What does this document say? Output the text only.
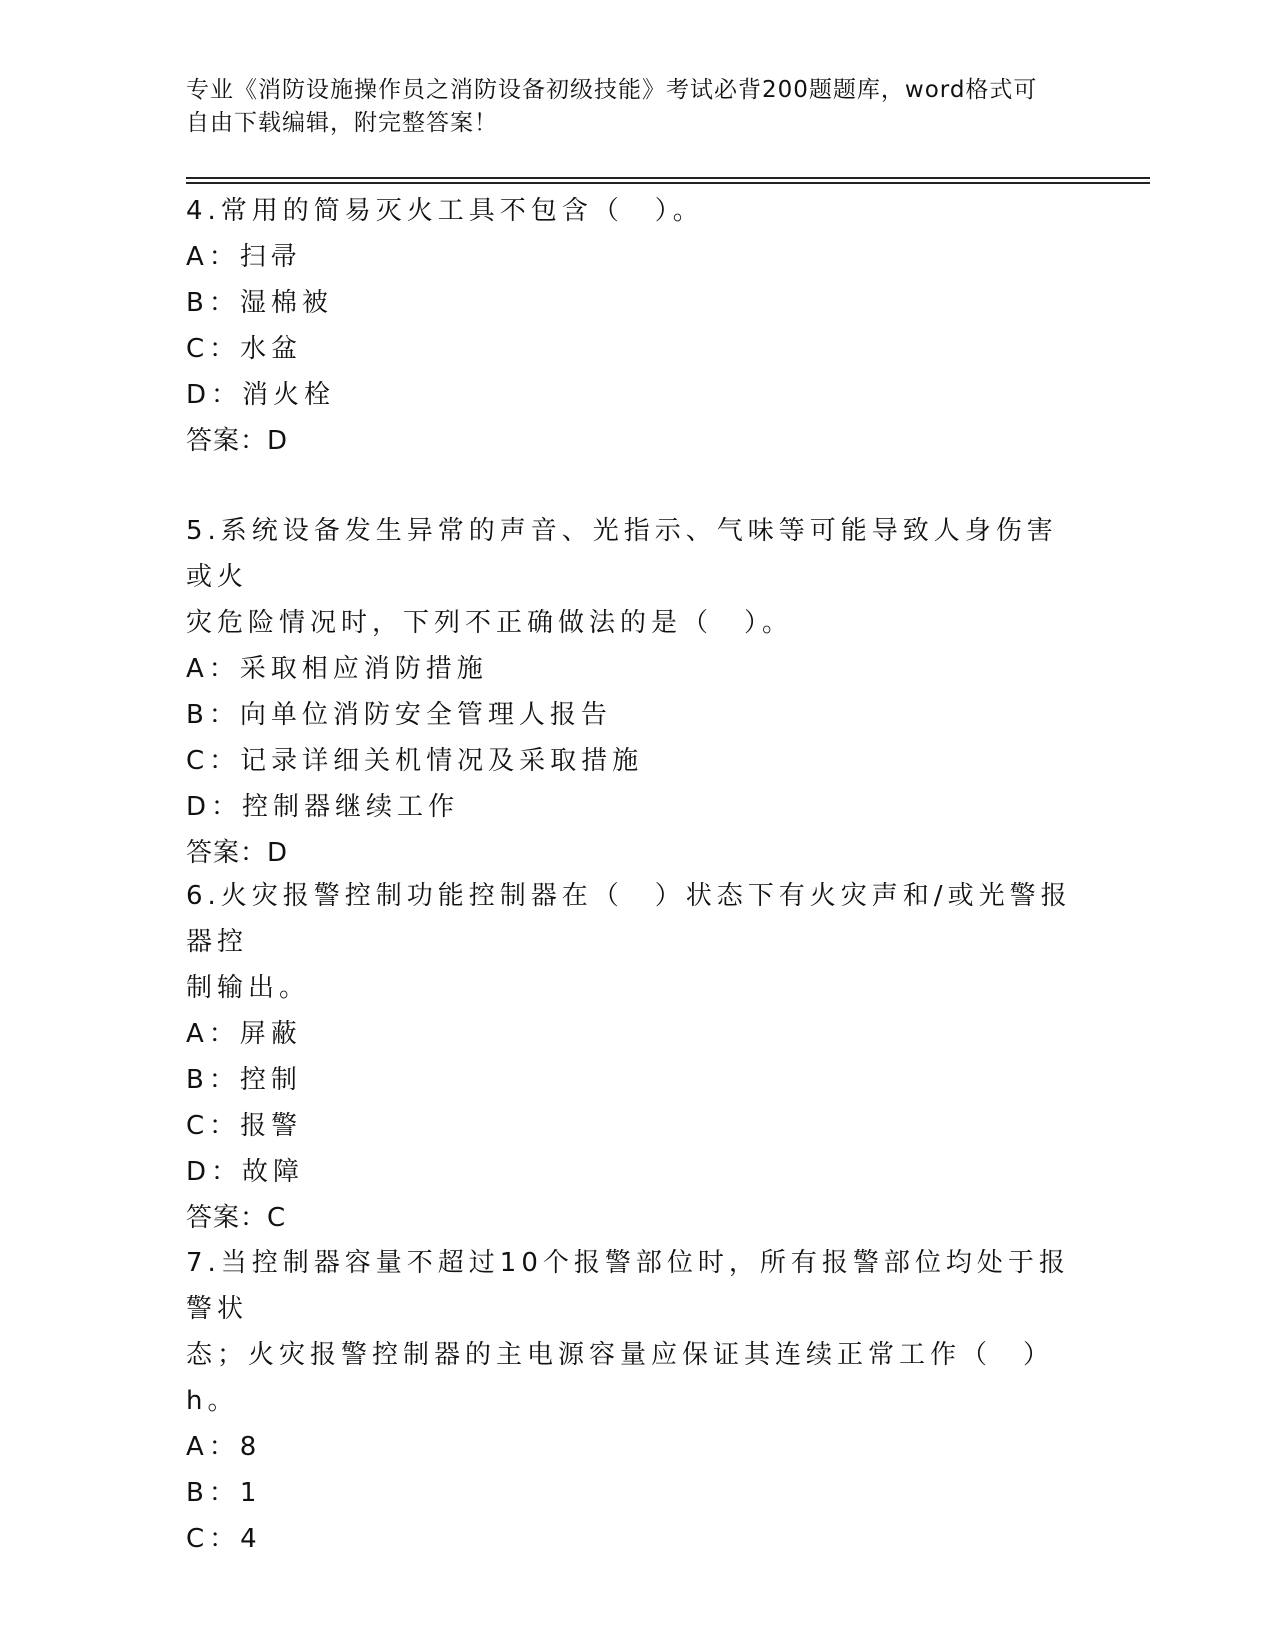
专业《消防设施操作员之消防设备初级技能》考试必背200题题库，word格式可
自由下载编辑，附完整答案！

4.常用的简易灭火工具不包含（　）。

A：扫帚

B：湿棉被

C：水盆

D：消火栓

答案：D

5.系统设备发生异常的声音、光指示、气味等可能导致人身伤害或火

灾危险情况时，下列不正确做法的是（　）。

A：采取相应消防措施

B：向单位消防安全管理人报告

C：记录详细关机情况及采取措施

D：控制器继续工作

答案：D

6.火灾报警控制功能控制器在（　）状态下有火灾声和/或光警报器控

制输出。

A：屏蔽

B：控制

C：报警

D：故障

答案：C

7.当控制器容量不超过10个报警部位时，所有报警部位均处于报警状

态；火灾报警控制器的主电源容量应保证其连续正常工作（　）h。

A：8

B：1

C：4
